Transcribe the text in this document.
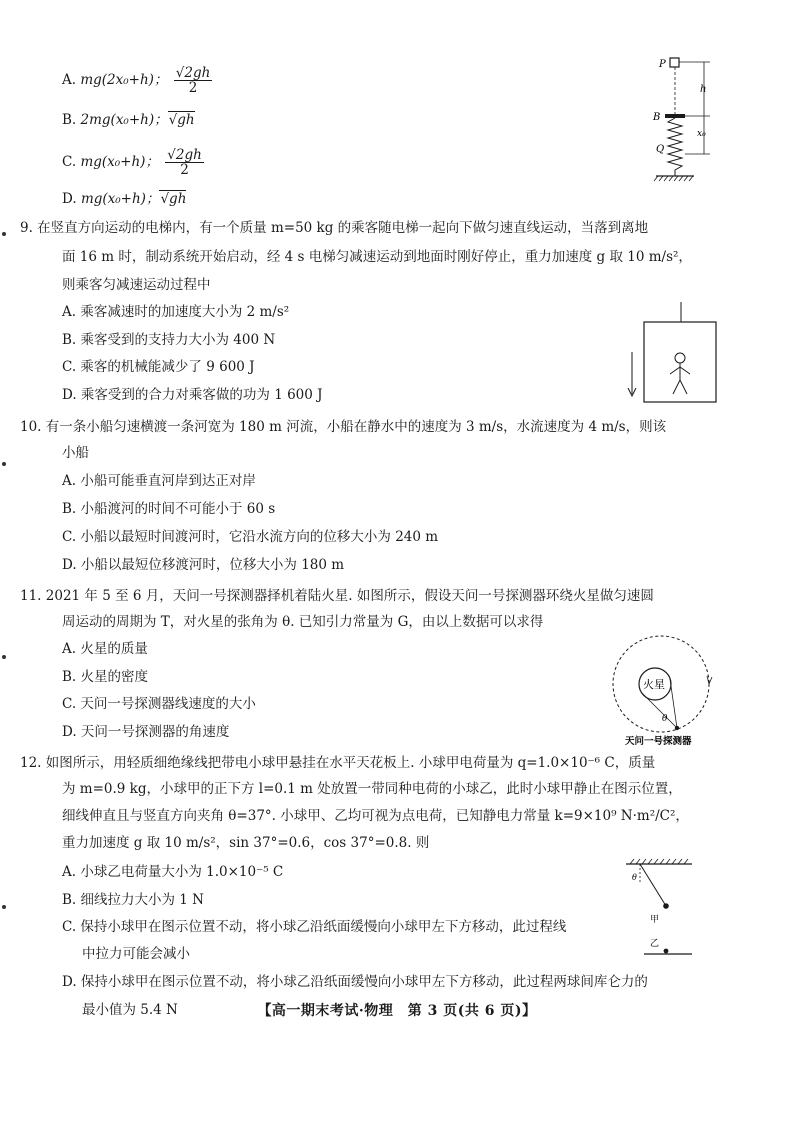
A. mg(2x₀+h)； $\frac{√2gh}{2}$
B. 2mg(x₀+h)；√gh
C. mg(x₀+h)； $\frac{√2gh}{2}$
D. mg(x₀+h)；√gh
P
h
B
x₀
Q
9. 在竖直方向运动的电梯内，有一个质量 m=50 kg 的乘客随电梯一起向下做匀速直线运动，当落到离地
面 16 m 时，制动系统开始启动，经 4 s 电梯匀减速运动到地面时刚好停止，重力加速度 g 取 10 m/s²，
则乘客匀减速运动过程中
A. 乘客减速时的加速度大小为 2 m/s²
B. 乘客受到的支持力大小为 400 N
C. 乘客的机械能减少了 9 600 J
D. 乘客受到的合力对乘客做的功为 1 600 J
10. 有一条小船匀速横渡一条河宽为 180 m 河流，小船在静水中的速度为 3 m/s，水流速度为 4 m/s，则该
小船
A. 小船可能垂直河岸到达正对岸
B. 小船渡河的时间不可能小于 60 s
C. 小船以最短时间渡河时，它沿水流方向的位移大小为 240 m
D. 小船以最短位移渡河时，位移大小为 180 m
11. 2021 年 5 至 6 月，天问一号探测器择机着陆火星. 如图所示，假设天问一号探测器环绕火星做匀速圆
周运动的周期为 T，对火星的张角为 θ. 已知引力常量为 G，由以上数据可以求得
A. 火星的质量
B. 火星的密度
C. 天问一号探测器线速度的大小
D. 天问一号探测器的角速度
火星
θ
天问一号探测器
12. 如图所示，用轻质细绝缘线把带电小球甲悬挂在水平天花板上. 小球甲电荷量为 q=1.0×10⁻⁶ C，质量
为 m=0.9 kg，小球甲的正下方 l=0.1 m 处放置一带同种电荷的小球乙，此时小球甲静止在图示位置，
细线伸直且与竖直方向夹角 θ=37°. 小球甲、乙均可视为点电荷，已知静电力常量 k=9×10⁹ N·m²/C²，
重力加速度 g 取 10 m/s²，sin 37°=0.6，cos 37°=0.8. 则
A. 小球乙电荷量大小为 1.0×10⁻⁵ C
B. 细线拉力大小为 1 N
C. 保持小球甲在图示位置不动，将小球乙沿纸面缓慢向小球甲左下方移动，此过程线
中拉力可能会减小
D. 保持小球甲在图示位置不动，将小球乙沿纸面缓慢向小球甲左下方移动，此过程两球间库仑力的
最小值为 5.4 N
θ
甲
乙
【高一期末考试·物理　第 3 页(共 6 页)】
